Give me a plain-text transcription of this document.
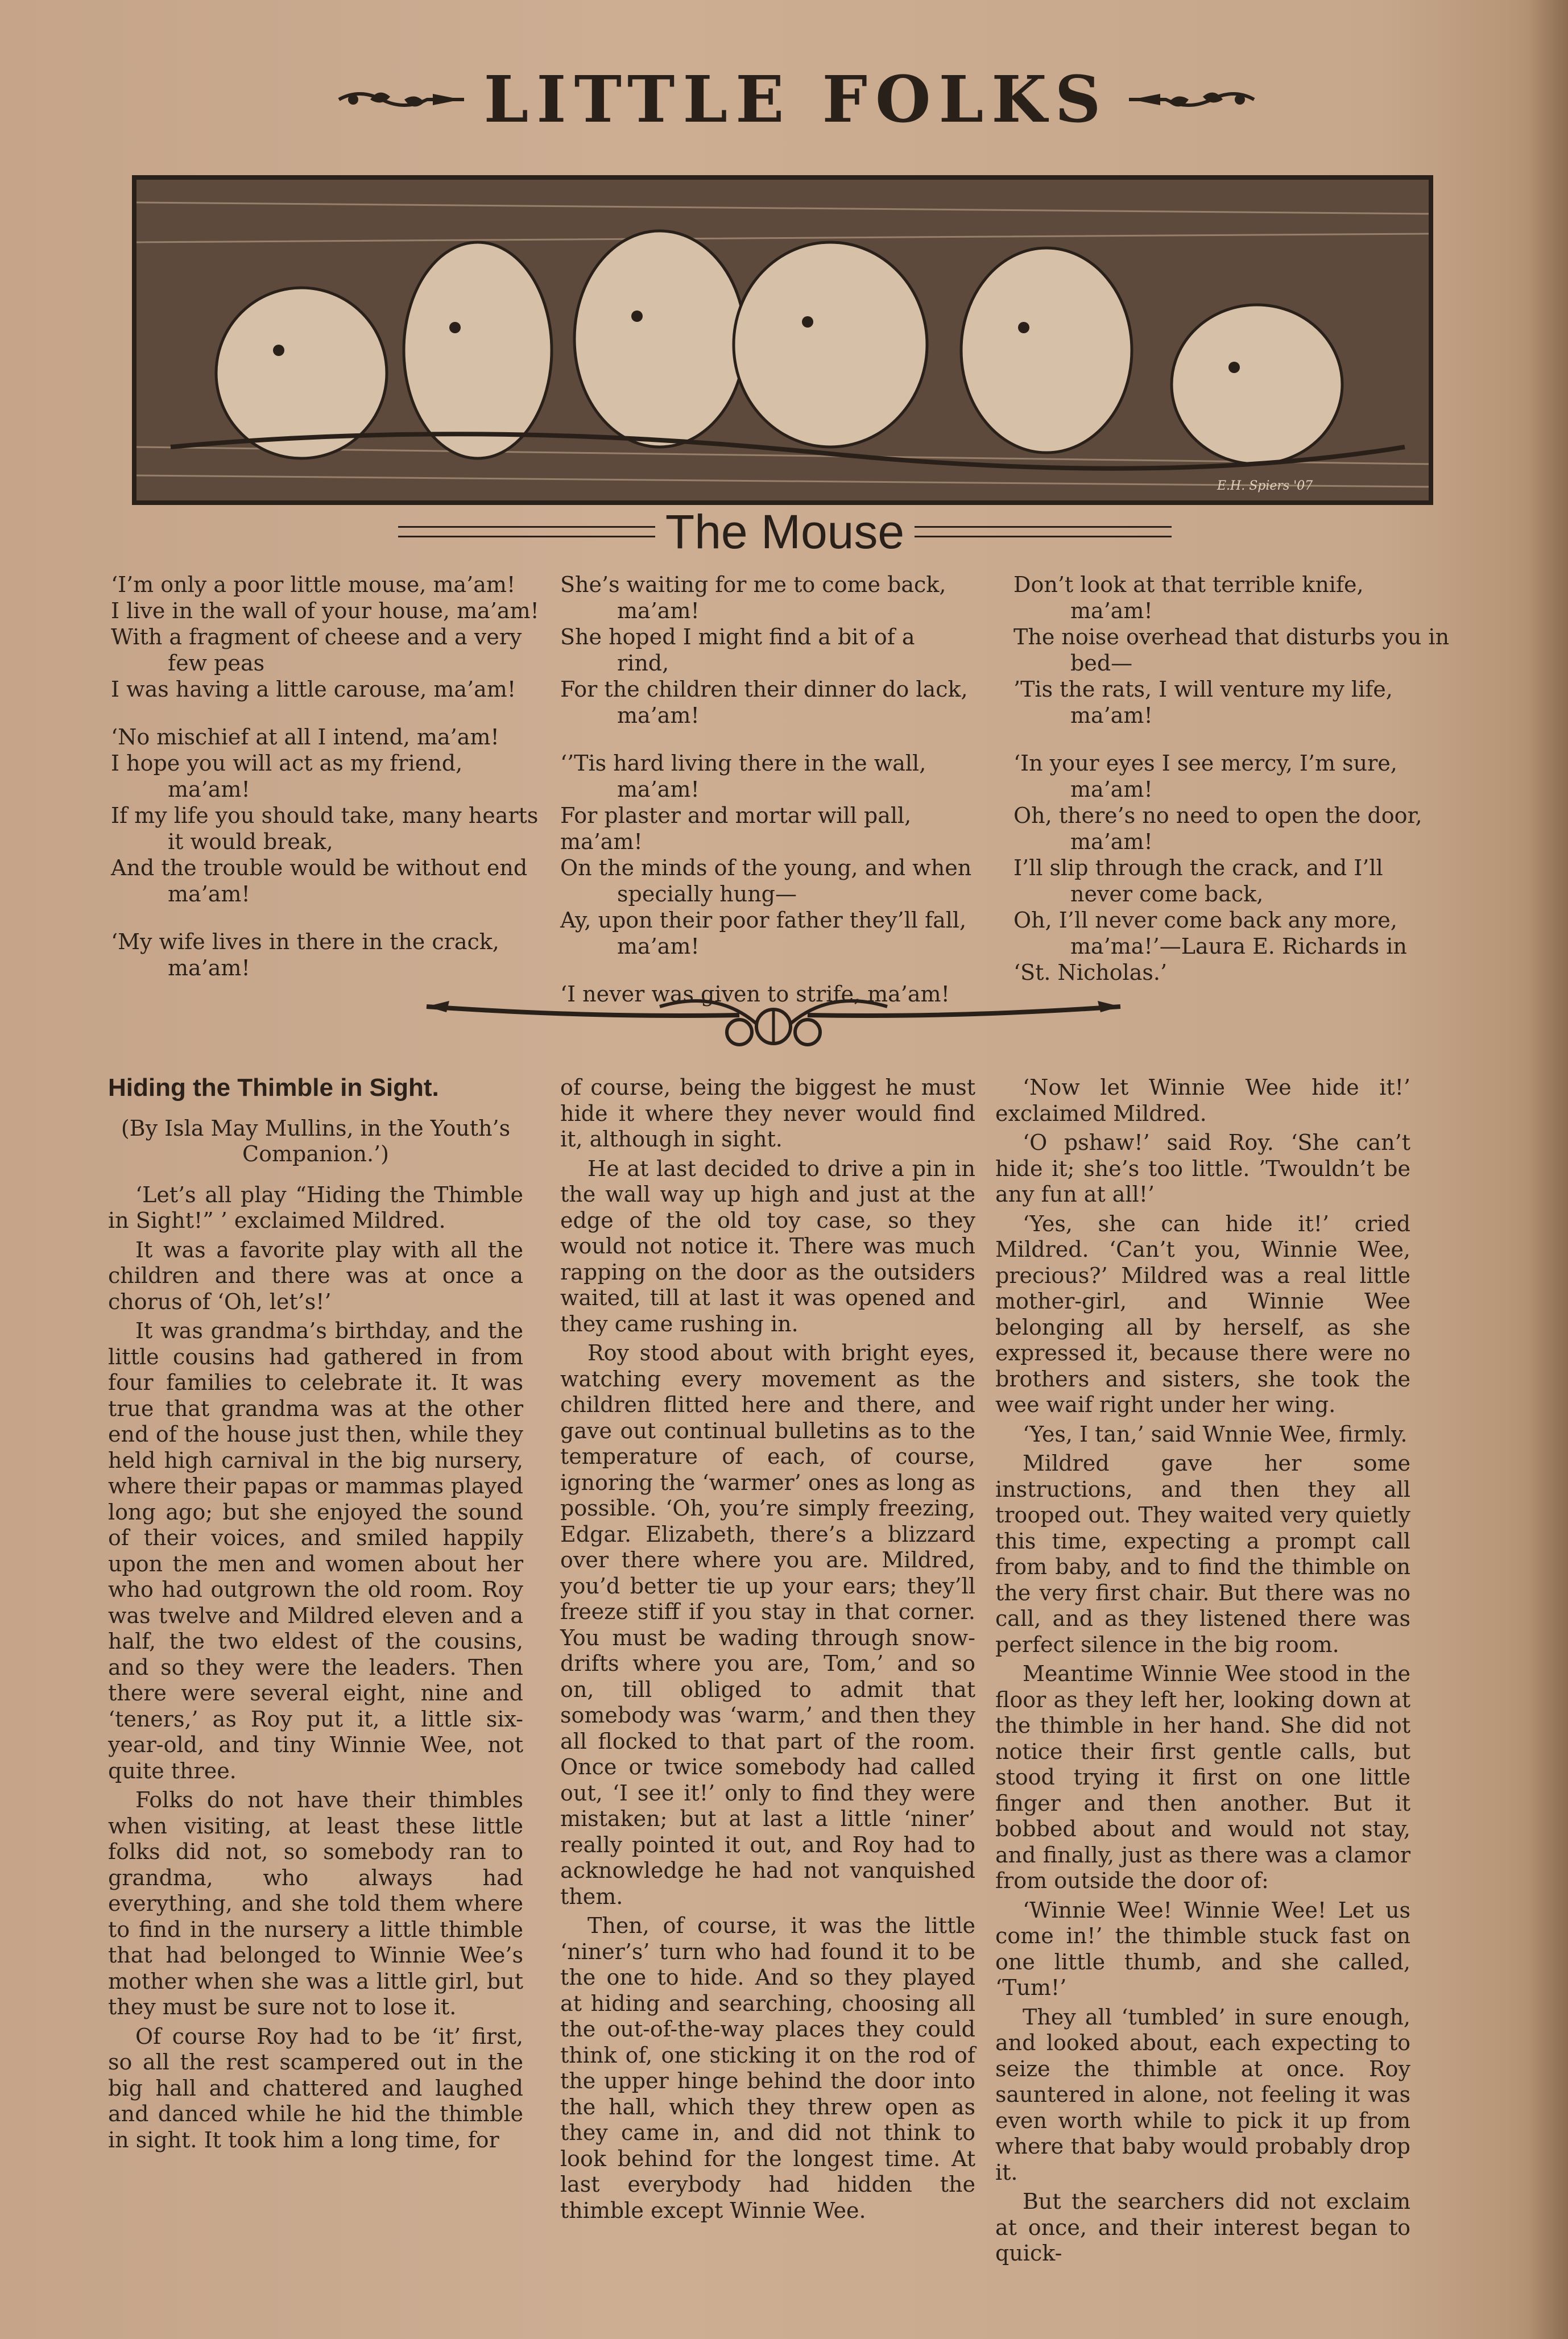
LITTLE FOLKS
E.H. Spiers '07
The Mouse

‘I’m only a poor little mouse, ma’am!

I live in the wall of your house, ma’am!

With a fragment of cheese and a very

few peas

I was having a little carouse, ma’am!

‘No mischief at all I intend, ma’am!

I hope you will act as my friend,

ma’am!

If my life you should take, many hearts

it would break,

And the trouble would be without end

ma’am!

‘My wife lives in there in the crack,

ma’am!

She’s waiting for me to come back,

ma’am!

She hoped I might find a bit of a

rind,

For the children their dinner do lack,

ma’am!

‘’Tis hard living there in the wall,

ma’am!

For plaster and mortar will pall, ma’am!

On the minds of the young, and when

specially hung—

Ay, upon their poor father they’ll fall,

ma’am!

‘I never was given to strife, ma’am!

Don’t look at that terrible knife,

ma’am!

The noise overhead that disturbs you in

bed—

’Tis the rats, I will venture my life,

ma’am!

‘In your eyes I see mercy, I’m sure,

ma’am!

Oh, there’s no need to open the door,

ma’am!

I’ll slip through the crack, and I’ll

never come back,

Oh, I’ll never come back any more,

ma’ma!’—Laura E. Richards in

‘St. Nicholas.’

Hiding the Thimble in Sight.

(By Isla May Mullins, in the Youth’s Companion.’)

‘Let’s all play “Hiding the Thimble in Sight!” ’ exclaimed Mildred.

It was a favorite play with all the children and there was at once a chorus of ‘Oh, let’s!’

It was grandma’s birthday, and the little cousins had gathered in from four families to celebrate it. It was true that grandma was at the other end of the house just then, while they held high carnival in the big nursery, where their papas or mammas played long ago; but she enjoyed the sound of their voices, and smiled happily upon the men and women about her who had outgrown the old room. Roy was twelve and Mildred eleven and a half, the two eldest of the cousins, and so they were the leaders. Then there were several eight, nine and ‘teners,’ as Roy put it, a little six-year-old, and tiny Winnie Wee, not quite three.

Folks do not have their thimbles when visiting, at least these little folks did not, so somebody ran to grandma, who always had everything, and she told them where to find in the nursery a little thimble that had belonged to Winnie Wee’s mother when she was a little girl, but they must be sure not to lose it.

Of course Roy had to be ‘it’ first, so all the rest scampered out in the big hall and chattered and laughed and danced while he hid the thimble in sight. It took him a long time, for

of course, being the biggest he must hide it where they never would find it, although in sight.

He at last decided to drive a pin in the wall way up high and just at the edge of the old toy case, so they would not notice it. There was much rapping on the door as the outsiders waited, till at last it was opened and they came rushing in.

Roy stood about with bright eyes, watching every movement as the children flitted here and there, and gave out continual bulletins as to the temperature of each, of course, ignoring the ‘warmer’ ones as long as possible. ‘Oh, you’re simply freezing, Edgar. Elizabeth, there’s a blizzard over there where you are. Mildred, you’d better tie up your ears; they’ll freeze stiff if you stay in that corner. You must be wading through snow-drifts where you are, Tom,’ and so on, till obliged to admit that somebody was ‘warm,’ and then they all flocked to that part of the room. Once or twice somebody had called out, ‘I see it!’ only to find they were mistaken; but at last a little ‘niner’ really pointed it out, and Roy had to acknowledge he had not vanquished them.

Then, of course, it was the little ‘niner’s’ turn who had found it to be the one to hide. And so they played at hiding and searching, choosing all the out-of-the-way places they could think of, one sticking it on the rod of the upper hinge behind the door into the hall, which they threw open as they came in, and did not think to look behind for the longest time. At last everybody had hidden the thimble except Winnie Wee.

‘Now let Winnie Wee hide it!’ exclaimed Mildred.

‘O pshaw!’ said Roy. ‘She can’t hide it; she’s too little. ’Twouldn’t be any fun at all!’

‘Yes, she can hide it!’ cried Mildred. ‘Can’t you, Winnie Wee, precious?’ Mildred was a real little mother-girl, and Winnie Wee belonging all by herself, as she expressed it, because there were no brothers and sisters, she took the wee waif right under her wing.

‘Yes, I tan,’ said Wnnie Wee, firmly.

Mildred gave her some instructions, and then they all trooped out. They waited very quietly this time, expecting a prompt call from baby, and to find the thimble on the very first chair. But there was no call, and as they listened there was perfect silence in the big room.

Meantime Winnie Wee stood in the floor as they left her, looking down at the thimble in her hand. She did not notice their first gentle calls, but stood trying it first on one little finger and then another. But it bobbed about and would not stay, and finally, just as there was a clamor from outside the door of:

‘Winnie Wee! Winnie Wee! Let us come in!’ the thimble stuck fast on one little thumb, and she called, ‘Tum!’

They all ‘tumbled’ in sure enough, and looked about, each expecting to seize the thimble at once. Roy sauntered in alone, not feeling it was even worth while to pick it up from where that baby would probably drop it.

But the searchers did not exclaim at once, and their interest began to quick-
